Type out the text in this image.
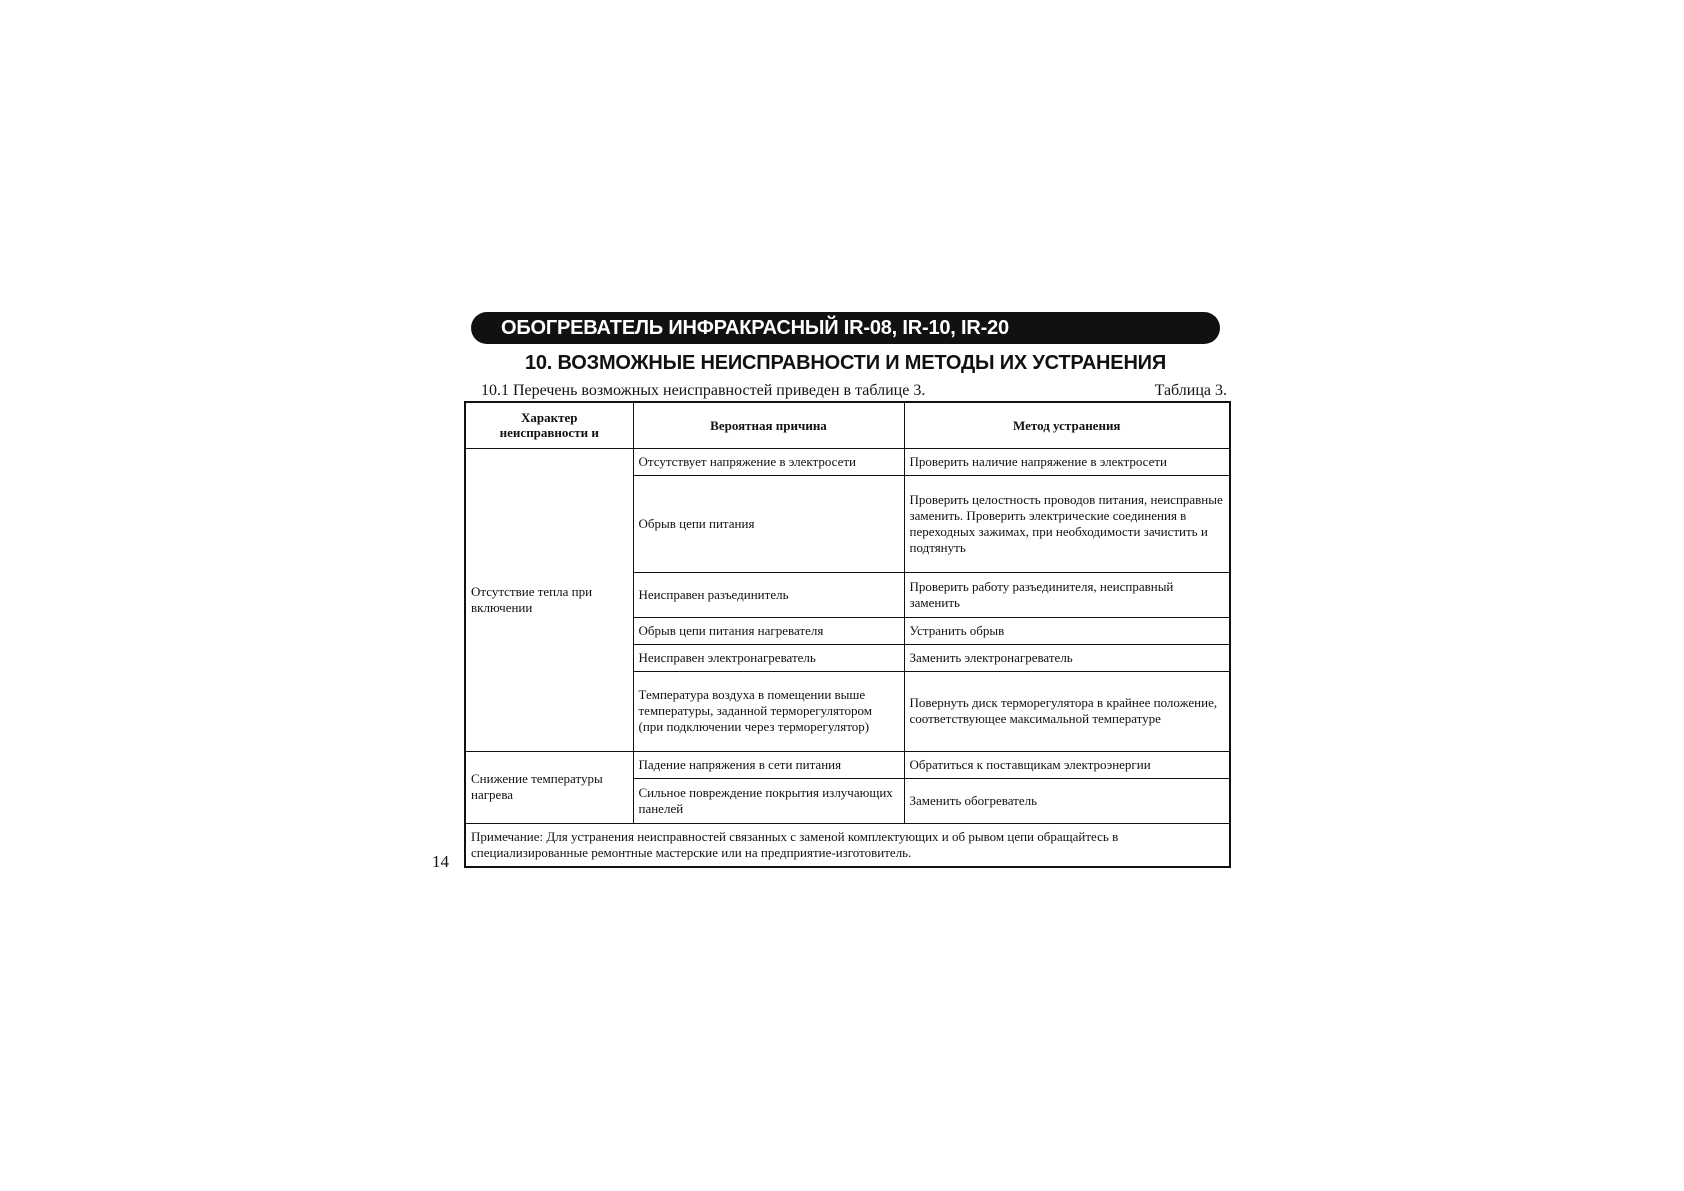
ОБОГРЕВАТЕЛЬ ИНФРАКРАСНЫЙ IR-08, IR-10, IR-20
10. ВОЗМОЖНЫЕ НЕИСПРАВНОСТИ И МЕТОДЫ ИХ УСТРАНЕНИЯ
10.1 Перечень возможных неисправностей приведен в таблице 3.	Таблица 3.
Характер неисправности и	Вероятная причина	Метод устранения
Отсутствие тепла при включении	Отсутствует напряжение в электросети	Проверить наличие напряжение в электросети
	Обрыв цепи питания	Проверить целостность проводов питания, неисправные заменить. Проверить электрические соединения в переходных зажимах, при необходимости зачистить и подтянуть
	Неисправен разъединитель	Проверить работу разъединителя, неисправный заменить
	Обрыв цепи питания нагревателя	Устранить обрыв
	Неисправен электронагреватель	Заменить электронагреватель
	Температура воздуха в помещении выше температуры, заданной терморегулятором (при подключении через терморегулятор)	Повернуть диск терморегулятора в крайнее положение, соответствующее максимальной температуре
Снижение температуры нагрева	Падение напряжения в сети питания	Обратиться к поставщикам электроэнергии
	Сильное повреждение покрытия излучающих панелей	Заменить обогреватель
Примечание: Для устранения неисправностей связанных с заменой комплектующих и об рывом цепи обращайтесь в специализированные ремонтные мастерские или на предприятие-изготовитель.		
14
